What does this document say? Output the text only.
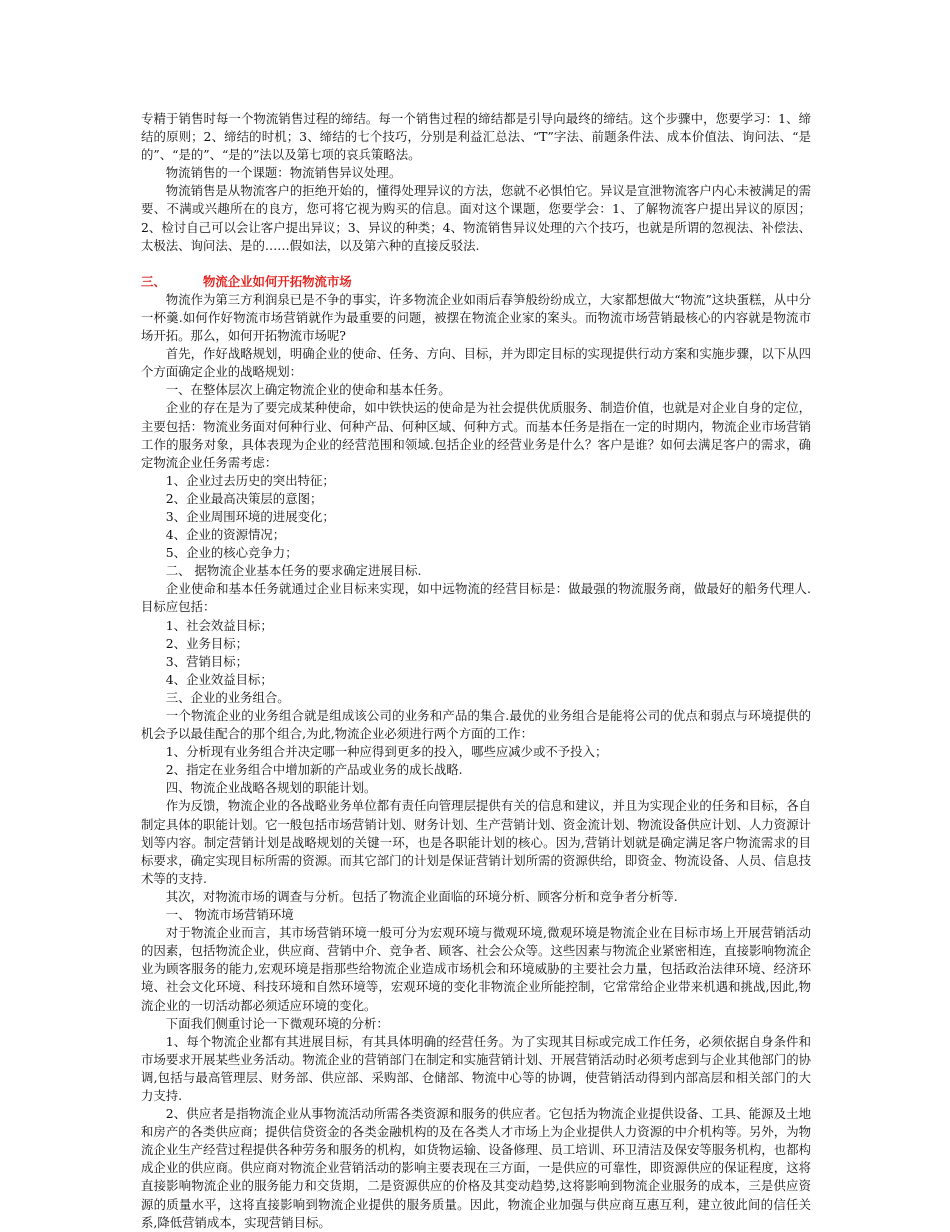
专精于销售时每一个物流销售过程的缔结。每一个销售过程的缔结都是引导向最终的缔结。这个步骤中，您要学习：1、缔结的原则；2、缔结的时机；3、缔结的七个技巧，分别是利益汇总法、“T”字法、前题条件法、成本价值法、询问法、“是的”、“是的”、“是的”法以及第七项的哀兵策略法。

物流销售的一个课题：物流销售异议处理。

物流销售是从物流客户的拒绝开始的，懂得处理异议的方法，您就不必惧怕它。异议是宣泄物流客户内心未被满足的需要、不满或兴趣所在的良方，您可将它视为购买的信息。面对这个课题，您要学会：1、了解物流客户提出异议的原因；2、检讨自己可以会让客户提出异议；3、异议的种类；4、物流销售异议处理的六个技巧，也就是所谓的忽视法、补偿法、太极法、询问法、是的……假如法，以及第六种的直接反驳法.

三、	物流企业如何开拓物流市场

物流作为第三方利润泉已是不争的事实，许多物流企业如雨后春笋般纷纷成立，大家都想做大“物流”这块蛋糕，从中分一杯羹.如何作好物流市场营销就作为最重要的问题，被摆在物流企业家的案头。而物流市场营销最核心的内容就是物流市场开拓。那么，如何开拓物流市场呢?

首先，作好战略规划，明确企业的使命、任务、方向、目标，并为即定目标的实现提供行动方案和实施步骤，以下从四个方面确定企业的战略规划：

一、在整体层次上确定物流企业的使命和基本任务。

企业的存在是为了要完成某种使命，如中铁快运的使命是为社会提供优质服务、制造价值，也就是对企业自身的定位，主要包括：物流业务面对何种行业、何种产品、何种区域、何种方式。而基本任务是指在一定的时期内，物流企业市场营销工作的服务对象，具体表现为企业的经营范围和领域.包括企业的经营业务是什么？客户是谁？如何去满足客户的需求，确定物流企业任务需考虑：

1、企业过去历史的突出特征；

2、企业最高决策层的意图；

3、企业周围环境的进展变化；

4、企业的资源情况；

5、企业的核心竞争力；

二、 据物流企业基本任务的要求确定进展目标.

企业使命和基本任务就通过企业目标来实现，如中远物流的经营目标是：做最强的物流服务商，做最好的船务代理人.目标应包括：

1、社会效益目标；

2、业务目标；

3、营销目标；

4、企业效益目标；

三、企业的业务组合。

一个物流企业的业务组合就是组成该公司的业务和产品的集合.最优的业务组合是能将公司的优点和弱点与环境提供的机会予以最佳配合的那个组合,为此,物流企业必须进行两个方面的工作：

1、分析现有业务组合并决定哪一种应得到更多的投入，哪些应减少或不予投入；

2、指定在业务组合中增加新的产品或业务的成长战略.

四、物流企业战略各规划的职能计划。

作为反馈，物流企业的各战略业务单位都有责任向管理层提供有关的信息和建议，并且为实现企业的任务和目标，各自制定具体的职能计划。它一般包括市场营销计划、财务计划、生产营销计划、资金流计划、物流设备供应计划、人力资源计划等内容。制定营销计划是战略规划的关键一环，也是各职能计划的核心。因为,营销计划就是确定满足客户物流需求的目标要求，确定实现目标所需的资源。而其它部门的计划是保证营销计划所需的资源供给，即资金、物流设备、人员、信息技术等的支持.

其次，对物流市场的调查与分析。包括了物流企业面临的环境分析、顾客分析和竞争者分析等.

一、 物流市场营销环境

对于物流企业而言，其市场营销环境一般可分为宏观环境与微观环境,微观环境是物流企业在目标市场上开展营销活动的因素，包括物流企业，供应商、营销中介、竞争者、顾客、社会公众等。这些因素与物流企业紧密相连，直接影响物流企业为顾客服务的能力,宏观环境是指那些给物流企业造成市场机会和环境威胁的主要社会力量，包括政治法律环境、经济环境、社会文化环境、科技环境和自然环境等，宏观环境的变化非物流企业所能控制，它常常给企业带来机遇和挑战,因此,物流企业的一切活动都必须适应环境的变化。

下面我们侧重讨论一下微观环境的分析：

1、每个物流企业都有其进展目标，有其具体明确的经营任务。为了实现其目标或完成工作任务，必须依据自身条件和市场要求开展某些业务活动。物流企业的营销部门在制定和实施营销计划、开展营销活动时必须考虑到与企业其他部门的协调,包括与最高管理层、财务部、供应部、采购部、仓储部、物流中心等的协调，使营销活动得到内部高层和相关部门的大力支持.

2、供应者是指物流企业从事物流活动所需各类资源和服务的供应者。它包括为物流企业提供设备、工具、能源及土地和房产的各类供应商；提供信贷资金的各类金融机构的及在各类人才市场上为企业提供人力资源的中介机构等。另外，为物流企业生产经营过程提供各种劳务和服务的机构，如货物运输、设备修理、员工培训、环卫清洁及保安等服务机构，也都构成企业的供应商。供应商对物流企业营销活动的影响主要表现在三方面，一是供应的可靠性，即资源供应的保证程度，这将直接影响物流企业的服务能力和交货期，二是资源供应的价格及其变动趋势,这将影响到物流企业服务的成本，三是供应资源的质量水平，这将直接影响到物流企业提供的服务质量。因此，物流企业加强与供应商互惠互利，建立彼此间的信任关系,降低营销成本，实现营销目标。
